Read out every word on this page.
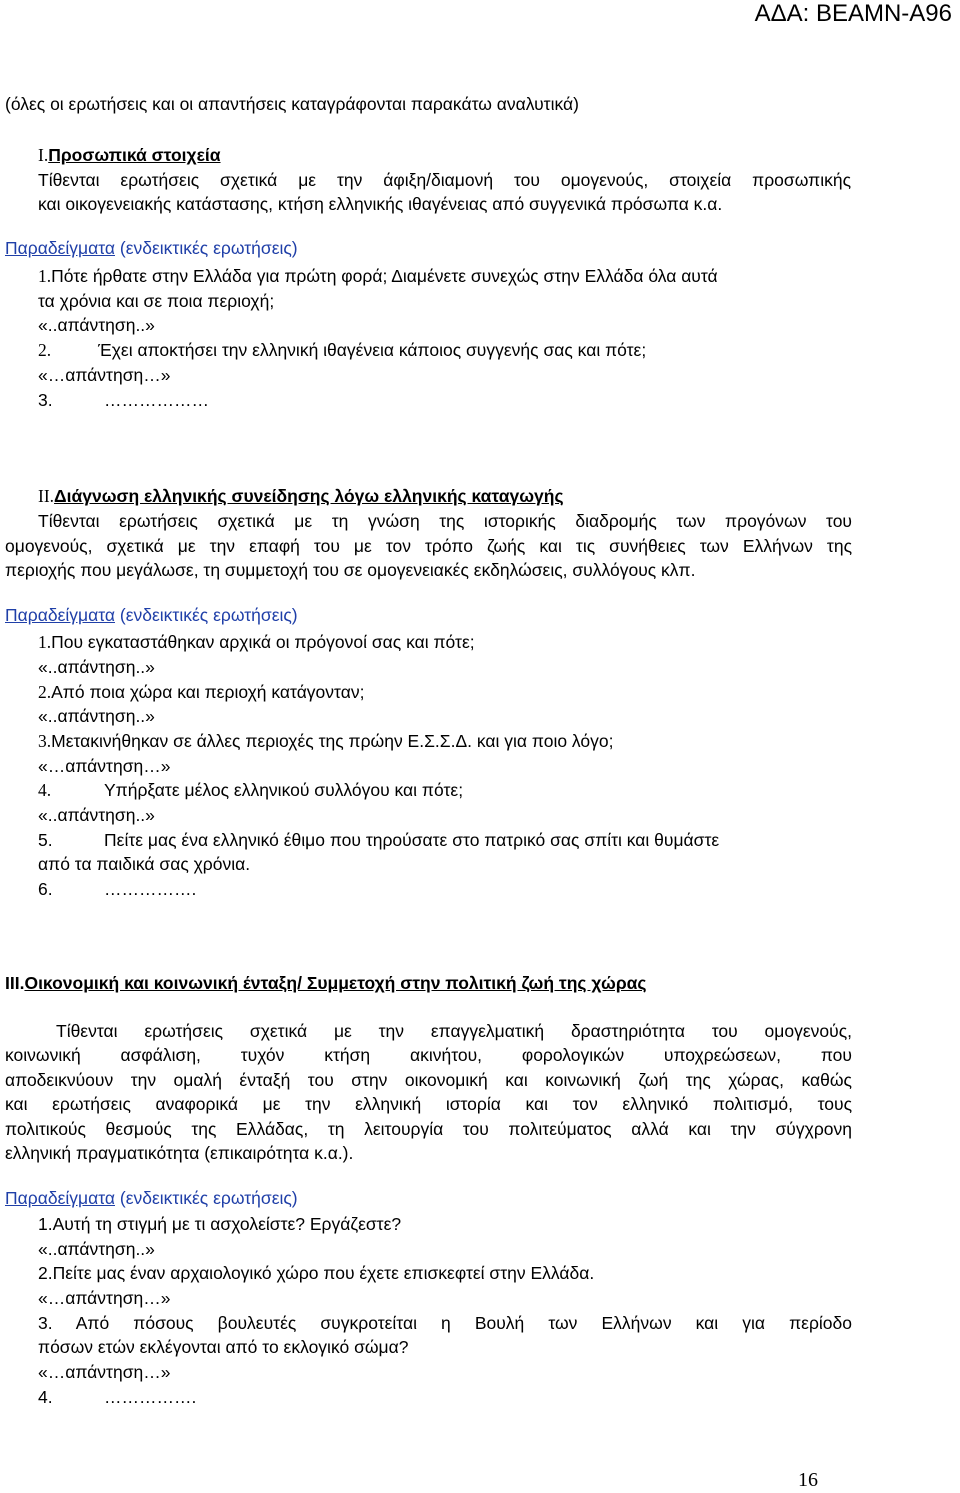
ΑΔΑ: ΒΕΑΜΝ-Α96
(όλες οι ερωτήσεις και οι απαντήσεις καταγράφονται παρακάτω αναλυτικά)
Ι.Προσωπικά στοιχεία
Τίθενται ερωτήσεις σχετικά με την άφιξη/διαμονή του ομογενούς, στοιχεία προσωπικής
και οικογενειακής κατάστασης, κτήση ελληνικής ιθαγένειας από συγγενικά πρόσωπα κ.α.
Παραδείγματα (ενδεικτικές ερωτήσεις)
1.Πότε ήρθατε στην Ελλάδα για πρώτη φορά; Διαμένετε συνεχώς στην Ελλάδα όλα αυτά
τα χρόνια και σε ποια περιοχή;
«..απάντηση..»
2.	Έχει αποκτήσει την ελληνική ιθαγένεια κάποιος συγγενής σας και πότε;
«…απάντηση…»
3.	………………
ΙΙ.Διάγνωση ελληνικής συνείδησης λόγω ελληνικής καταγωγής
Τίθενται ερωτήσεις σχετικά με τη γνώση της ιστορικής διαδρομής των προγόνων του
ομογενούς, σχετικά με την επαφή του με τον τρόπο ζωής και τις συνήθειες των Ελλήνων της
περιοχής που μεγάλωσε, τη συμμετοχή του σε ομογενειακές εκδηλώσεις, συλλόγους κλπ.
Παραδείγματα (ενδεικτικές ερωτήσεις)
1.Που εγκαταστάθηκαν αρχικά οι πρόγονοί σας και πότε;
«..απάντηση..»
2.Από ποια χώρα και περιοχή κατάγονταν;
«..απάντηση..»
3.Μετακινήθηκαν σε άλλες περιοχές της πρώην Ε.Σ.Σ.Δ. και για ποιο λόγο;
«…απάντηση…»
4.	Υπήρξατε μέλος ελληνικού συλλόγου και πότε;
«..απάντηση..»
5.	Πείτε μας ένα ελληνικό έθιμο που τηρούσατε στο πατρικό σας σπίτι και θυμάστε
από τα παιδικά σας χρόνια.
6.	…………….
ΙΙΙ.Οικονομική και κοινωνική ένταξη/ Συμμετοχή στην πολιτική ζωή της χώρας
Τίθενται ερωτήσεις σχετικά με την επαγγελματική δραστηριότητα του ομογενούς,
κοινωνική ασφάλιση, τυχόν κτήση ακινήτου, φορολογικών υποχρεώσεων, που
αποδεικνύουν την ομαλή ένταξή του στην οικονομική και κοινωνική ζωή της χώρας, καθώς
και ερωτήσεις αναφορικά με την ελληνική ιστορία και τον ελληνικό πολιτισμό, τους
πολιτικούς θεσμούς της Ελλάδας, τη λειτουργία του πολιτεύματος αλλά και την σύγχρονη
ελληνική πραγματικότητα (επικαιρότητα κ.α.).
Παραδείγματα (ενδεικτικές ερωτήσεις)
1.Αυτή τη στιγμή με τι ασχολείστε? Εργάζεστε?
«..απάντηση..»
2.Πείτε μας έναν αρχαιολογικό χώρο που έχετε επισκεφτεί στην Ελλάδα.
«…απάντηση…»
3. Από πόσους βουλευτές συγκροτείται η Βουλή των Ελλήνων και για περίοδο
πόσων ετών εκλέγονται από το εκλογικό σώμα?
«…απάντηση…»
4.	…………….
16
